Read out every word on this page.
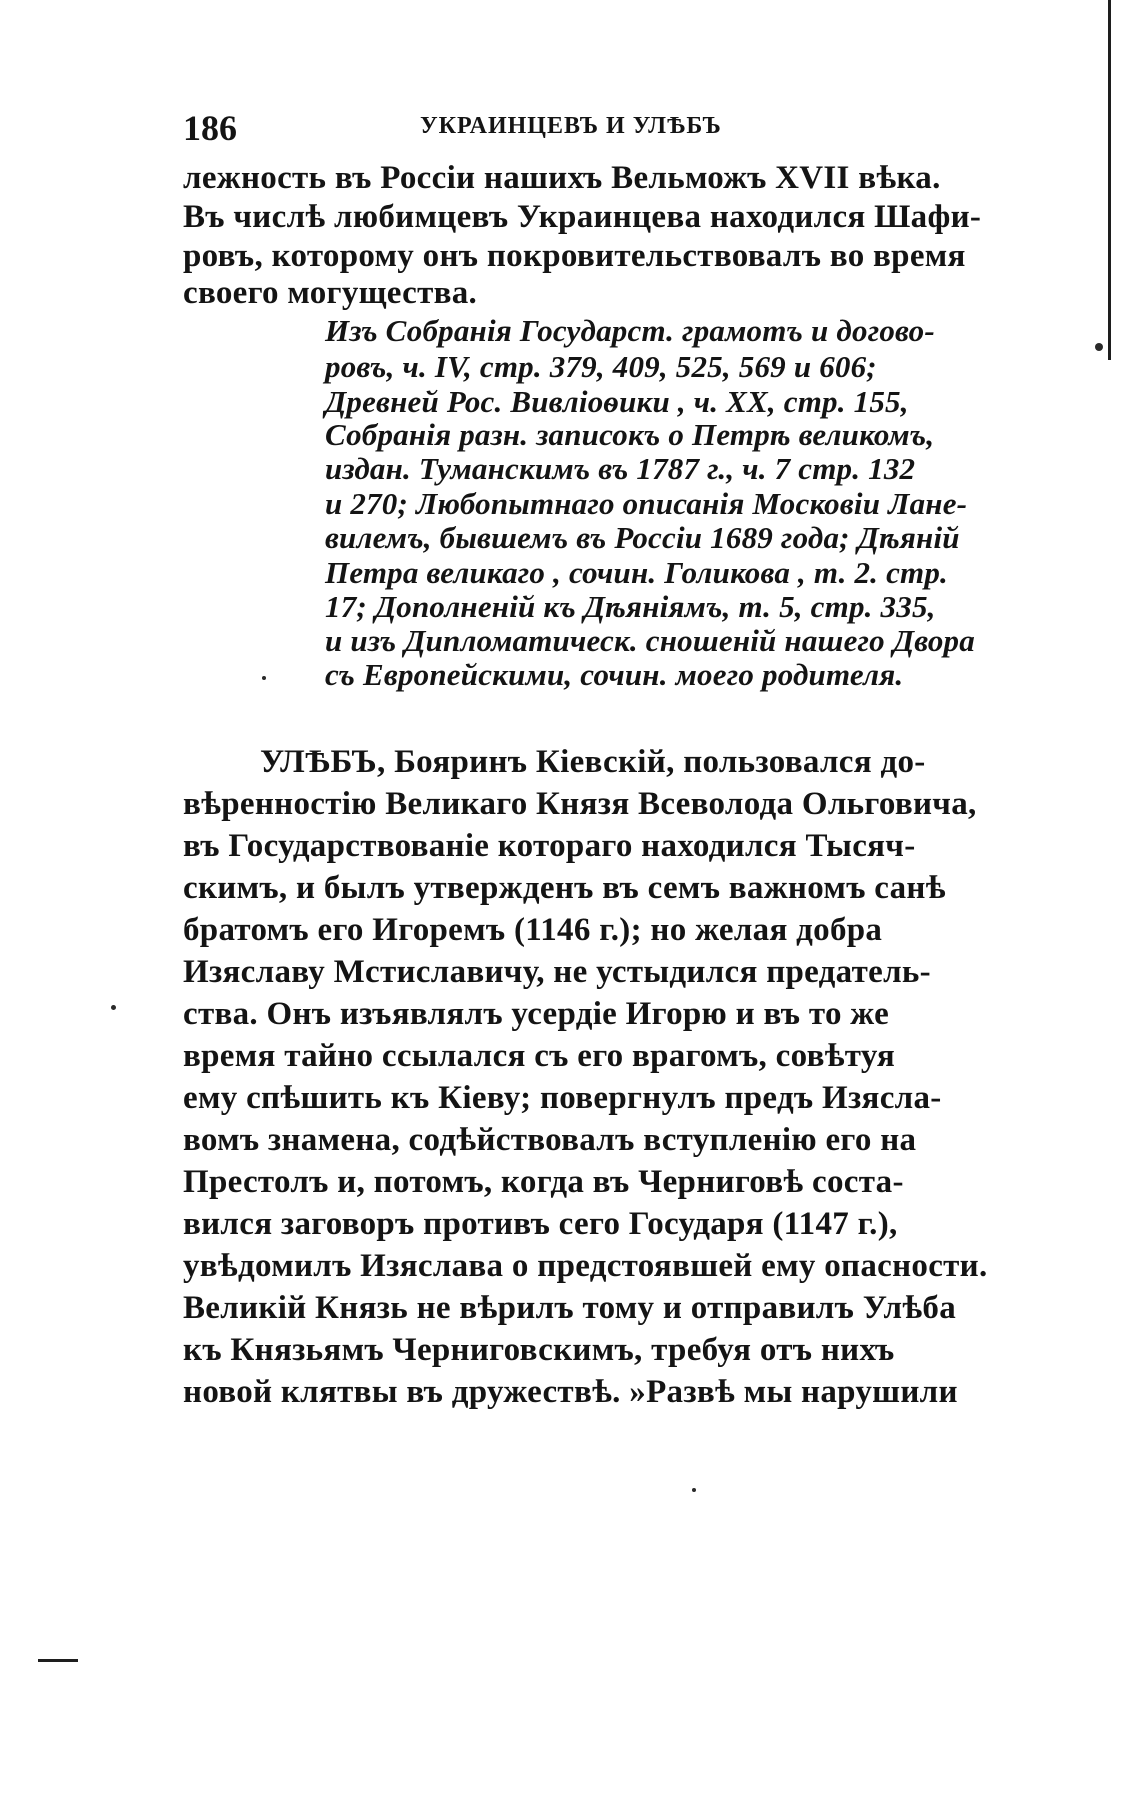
186	УКРАИНЦЕВЪ И УЛѢБЪ
лежность въ Россіи нашихъ Вельможъ XVII вѣка.
Въ числѣ любимцевъ Украинцева находился Шафи-
ровъ, которому онъ покровительствовалъ во время
своего могущества.
Изъ Собранія Государст. грамотъ и догово-
ровъ, ч. IV, стр. 379, 409, 525, 569 и 606;
Древней Рос. Вивліоѳики , ч. XX, стр. 155,
Собранія разн. записокъ о Петрѣ великомъ,
издан. Туманскимъ въ 1787 г., ч. 7 стр. 132
и 270; Любопытнаго описанія Московіи Ланe-
вилемъ, бывшемъ въ Россіи 1689 года; Дѣяній
Петра великаго , сочин. Голикова , т. 2. стр.
17; Дополненій къ Дѣяніямъ, т. 5, стр. 335,
и изъ Дипломатическ. сношеній нашего Двора
съ Европейскими, сочин. моего родителя.
УЛѢБЪ, Бояринъ Кіевскій, пользовался до-
вѣренностію Великаго Князя Всеволода Ольговича,
въ Государствованіе котораго находился Тысяч-
скимъ, и былъ утвержденъ въ семъ важномъ санѣ
братомъ его Игоремъ (1146 г.); но желая добра
Изяславу Мстиславичу, не устыдился предатель-
ства. Онъ изъявлялъ усердіе Игорю и въ то же
время тайно ссылался съ его врагомъ, совѣтуя
ему спѣшить къ Кіеву; повергнулъ предъ Изясла-
вомъ знамена, содѣйствовалъ вступленію его на
Престолъ и, потомъ, когда въ Черниговѣ соста-
вился заговоръ противъ сего Государя (1147 г.),
увѣдомилъ Изяслава о предстоявшей ему опасности.
Великій Князь не вѣрилъ тому и отправилъ Улѣба
къ Князьямъ Черниговскимъ, требуя отъ нихъ
новой клятвы въ дружествѣ. »Развѣ мы нарушили
